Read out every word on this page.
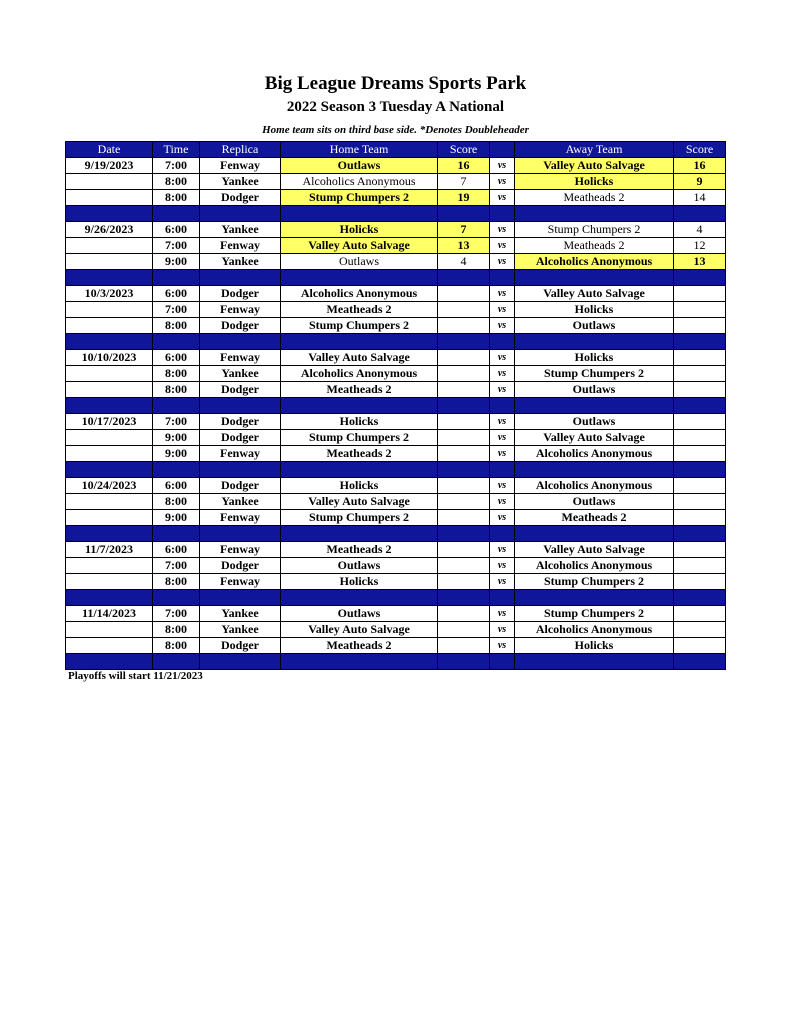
Big League Dreams Sports Park
2022 Season 3 Tuesday A National
Home team sits on third base side. *Denotes Doubleheader
Date	Time	Replica	Home Team	Score		Away Team	Score
9/19/2023	7:00	Fenway	Outlaws	16	vs	Valley Auto Salvage	16
	8:00	Yankee	Alcoholics Anonymous	7	vs	Holicks	9
	8:00	Dodger	Stump Chumpers 2	19	vs	Meatheads 2	14

9/26/2023	6:00	Yankee	Holicks	7	vs	Stump Chumpers 2	4
	7:00	Fenway	Valley Auto Salvage	13	vs	Meatheads 2	12
	9:00	Yankee	Outlaws	4	vs	Alcoholics Anonymous	13

10/3/2023	6:00	Dodger	Alcoholics Anonymous		vs	Valley Auto Salvage	
	7:00	Fenway	Meatheads 2		vs	Holicks	
	8:00	Dodger	Stump Chumpers 2		vs	Outlaws	

10/10/2023	6:00	Fenway	Valley Auto Salvage		vs	Holicks	
	8:00	Yankee	Alcoholics Anonymous		vs	Stump Chumpers 2	
	8:00	Dodger	Meatheads 2		vs	Outlaws	

10/17/2023	7:00	Dodger	Holicks		vs	Outlaws	
	9:00	Dodger	Stump Chumpers 2		vs	Valley Auto Salvage	
	9:00	Fenway	Meatheads 2		vs	Alcoholics Anonymous	

10/24/2023	6:00	Dodger	Holicks		vs	Alcoholics Anonymous	
	8:00	Yankee	Valley Auto Salvage		vs	Outlaws	
	9:00	Fenway	Stump Chumpers 2		vs	Meatheads 2	

11/7/2023	6:00	Fenway	Meatheads 2		vs	Valley Auto Salvage	
	7:00	Dodger	Outlaws		vs	Alcoholics Anonymous	
	8:00	Fenway	Holicks		vs	Stump Chumpers 2	

11/14/2023	7:00	Yankee	Outlaws		vs	Stump Chumpers 2	
	8:00	Yankee	Valley Auto Salvage		vs	Alcoholics Anonymous	
	8:00	Dodger	Meatheads 2		vs	Holicks	

Playoffs will start 11/21/2023
